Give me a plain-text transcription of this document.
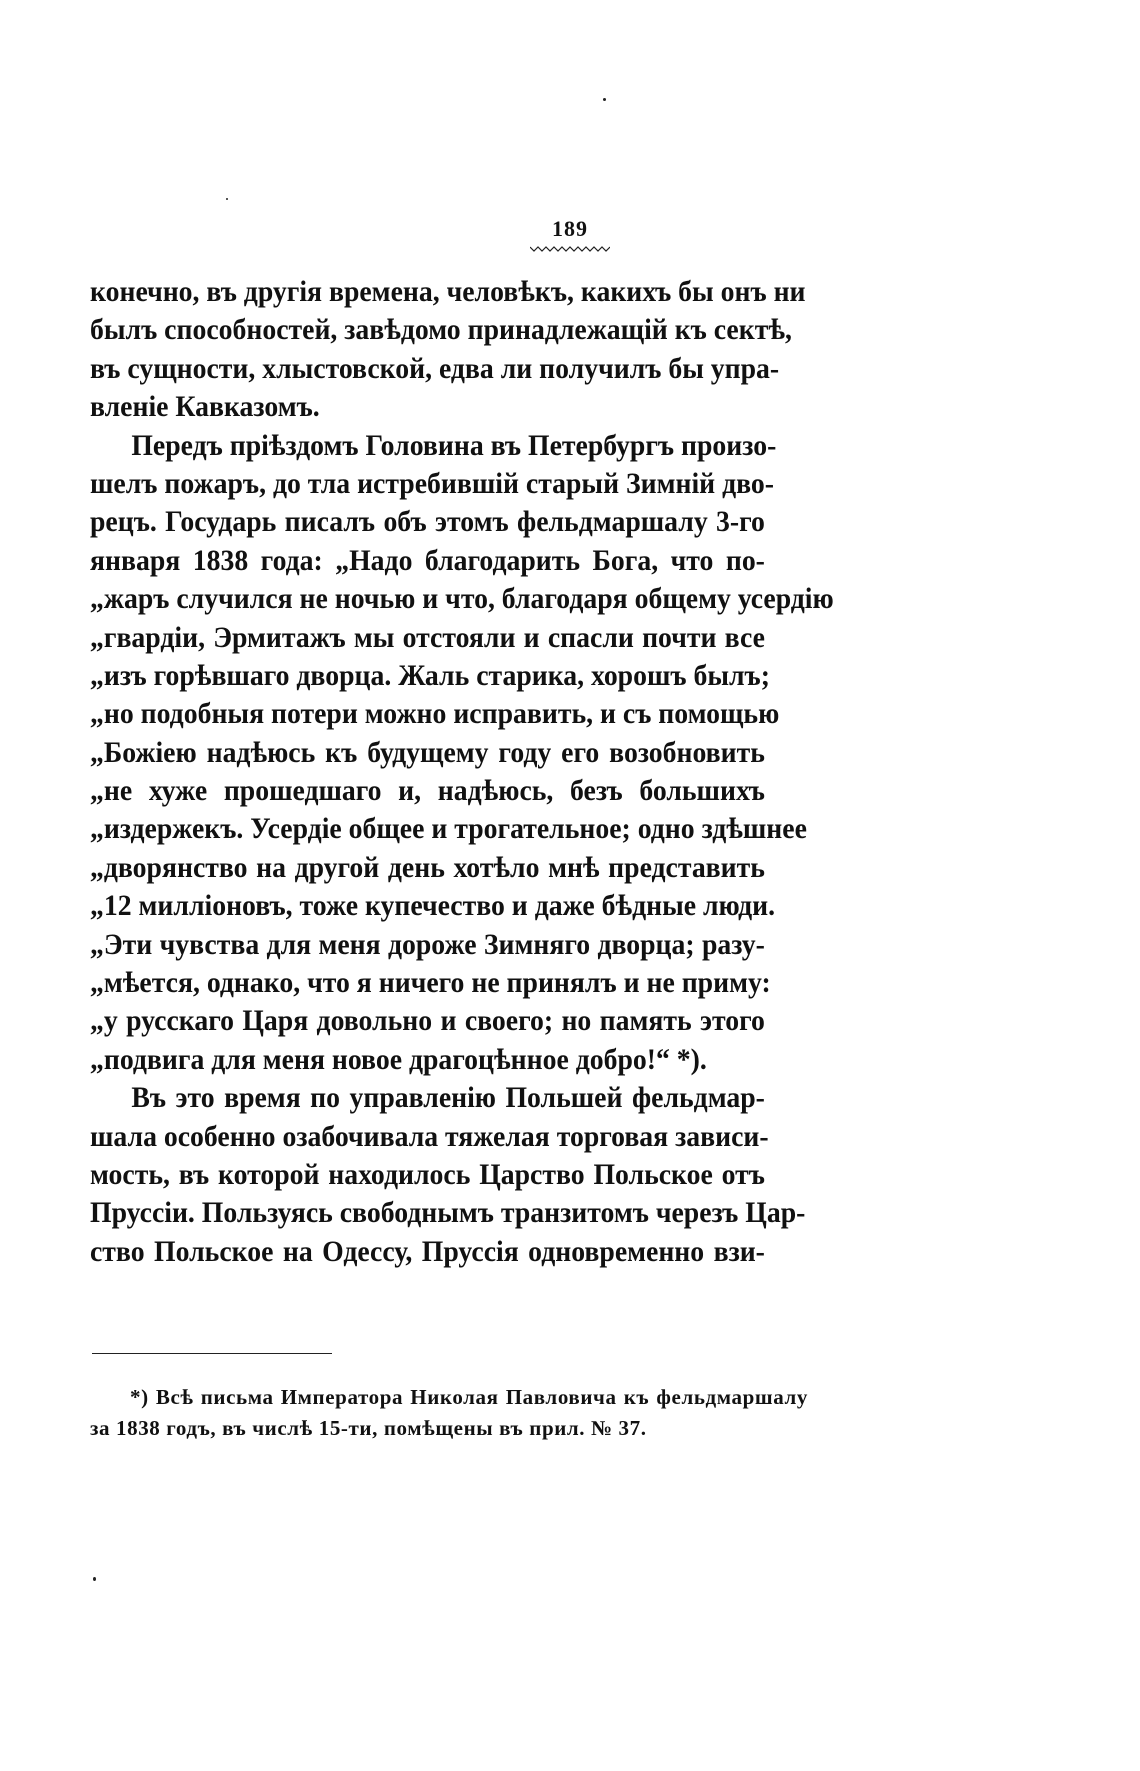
189
конечно, въ другія времена, человѣкъ, какихъ бы онъ ни
былъ способностей, завѣдомо принадлежащій къ сектѣ,
въ сущности, хлыстовской, едва ли получилъ бы упра-
вленіе Кавказомъ.
Передъ пріѣздомъ Головина въ Петербургъ произо-
шелъ пожаръ, до тла истребившій старый Зимній дво-
рецъ. Государь писалъ объ этомъ фельдмаршалу 3-го
января 1838 года: „Надо благодарить Бога, что по-
„жаръ случился не ночью и что, благодаря общему усердію
„гвардіи, Эрмитажъ мы отстояли и спасли почти все
„изъ горѣвшаго дворца. Жаль старика, хорошъ былъ;
„но подобныя потери можно исправить, и съ помощью
„Божіею надѣюсь къ будущему году его возобновить
„не хуже прошедшаго и, надѣюсь, безъ большихъ
„издержекъ. Усердіе общее и трогательное; одно здѣшнее
„дворянство на другой день хотѣло мнѣ представить
„12 милліоновъ, тоже купечество и даже бѣдные люди.
„Эти чувства для меня дороже Зимняго дворца; разу-
„мѣется, однако, что я ничего не принялъ и не приму:
„у русскаго Царя довольно и своего; но память этого
„подвига для меня новое драгоцѣнное добро!“ *).
Въ это время по управленію Польшей фельдмар-
шала особенно озабочивала тяжелая торговая зависи-
мость, въ которой находилось Царство Польское отъ
Пруссіи. Пользуясь свободнымъ транзитомъ черезъ Цар-
ство Польское на Одессу, Пруссія одновременно взи-
*) Всѣ письма Императора Николая Павловича къ фельдмаршалу
за 1838 годъ, въ числѣ 15-ти, помѣщены въ прил. № 37.
